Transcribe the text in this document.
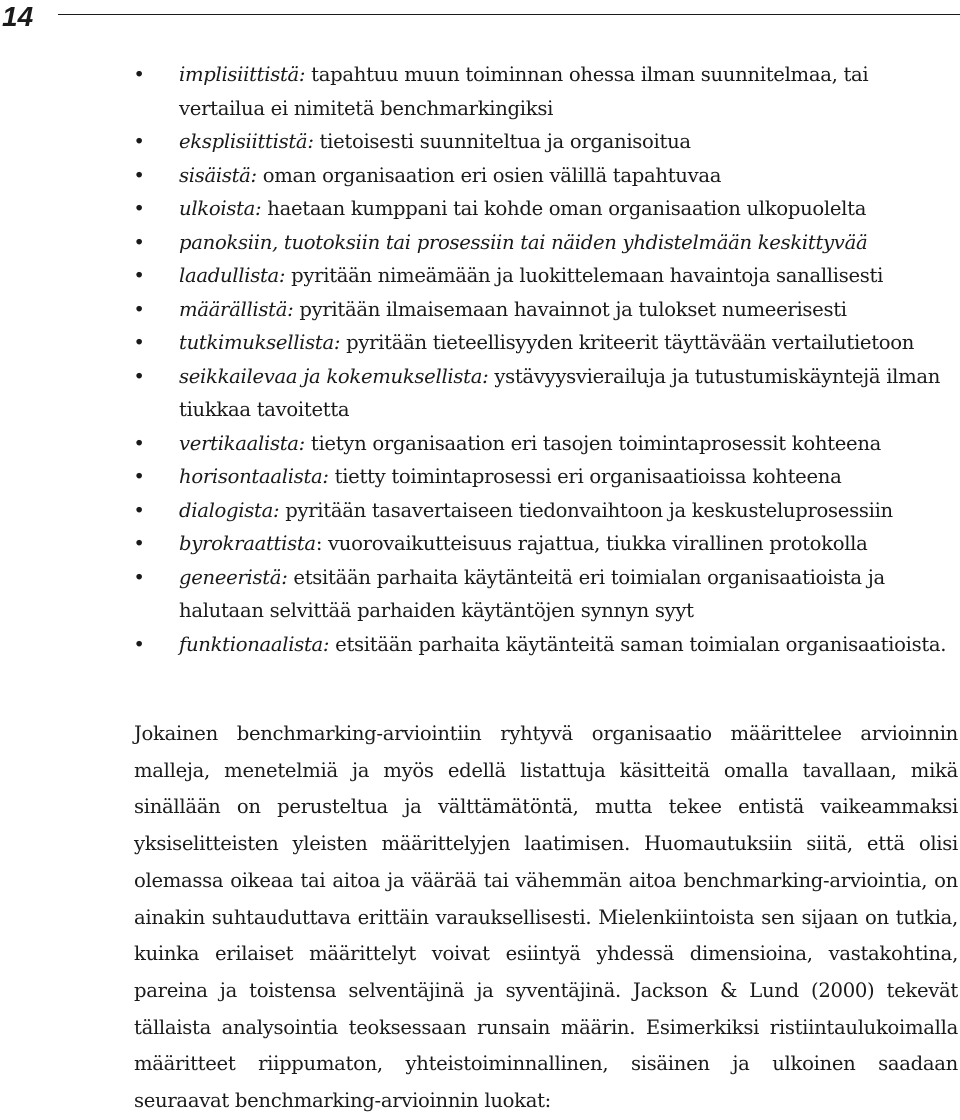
14
• implisiittistä: tapahtuu muun toiminnan ohessa ilman suunnitelmaa, tai vertailua ei nimitetä benchmarkingiksi
• eksplisiittistä: tietoisesti suunniteltua ja organisoitua
• sisäistä: oman organisaation eri osien välillä tapahtuvaa
• ulkoista: haetaan kumppani tai kohde oman organisaation ulkopuolelta
• panoksiin, tuotoksiin tai prosessiin tai näiden yhdistelmään keskittyvää
• laadullista: pyritään nimeämään ja luokittelemaan havaintoja sanallisesti
• määrällistä: pyritään ilmaisemaan havainnot ja tulokset numeerisesti
• tutkimuksellista: pyritään tieteellisyyden kriteerit täyttävään vertailutietoon
• seikkailevaa ja kokemuksellista: ystävyysvierailuja ja tutustumiskäyntejä ilman tiukkaa tavoitetta
• vertikaalista: tietyn organisaation eri tasojen toimintaprosessit kohteena
• horisontaalista: tietty toimintaprosessi eri organisaatioissa kohteena
• dialogista: pyritään tasavertaiseen tiedonvaihtoon ja keskusteluprosessiin
• byrokraattista: vuorovaikutteisuus rajattua, tiukka virallinen protokolla
• geneeristä: etsitään parhaita käytänteitä eri toimialan organisaatioista ja halutaan selvittää parhaiden käytäntöjen synnyn syyt
• funktionaalista: etsitään parhaita käytänteitä saman toimialan organisaatioista.

Jokainen benchmarking-arviointiin ryhtyvä organisaatio määrittelee arvioinnin malleja, menetelmiä ja myös edellä listattuja käsitteitä omalla tavallaan, mikä sinällään on perusteltua ja välttämätöntä, mutta tekee entistä vaikeammaksi yksiselitteisten yleisten määrittelyjen laatimisen. Huomautuksiin siitä, että olisi olemassa oikeaa tai aitoa ja väärää tai vähemmän aitoa benchmarking-arviointia, on ainakin suhtauduttava erittäin varauksellisesti. Mielenkiintoista sen sijaan on tutkia, kuinka erilaiset määrittelyt voivat esiintyä yhdessä dimensioina, vastakohtina, pareina ja toistensa selventäjinä ja syventäjinä. Jackson & Lund (2000) tekevät tällaista analysointia teoksessaan runsain määrin. Esimerkiksi ristiintaulukoimalla määritteet riippumaton, yhteistoiminnallinen, sisäinen ja ulkoinen saadaan seuraavat benchmarking-arvioinnin luokat:
